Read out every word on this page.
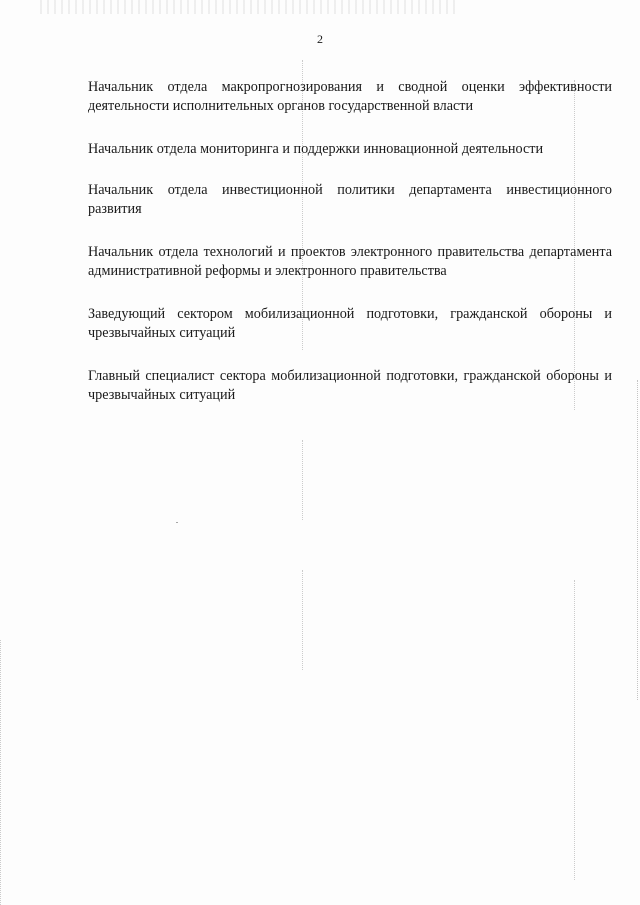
2

Начальник отдела макропрогнозирования и сводной оценки эффективности деятельности исполнительных органов государственной власти

Начальник отдела мониторинга и поддержки инновационной деятельности

Начальник отдела инвестиционной политики департамента инвестиционного развития

Начальник отдела технологий и проектов электронного правительства департамента административной реформы и электронного правительства

Заведующий сектором мобилизационной подготовки, гражданской обороны и чрезвычайных ситуаций

Главный специалист сектора мобилизационной подготовки, гражданской обороны и чрезвычайных ситуаций
